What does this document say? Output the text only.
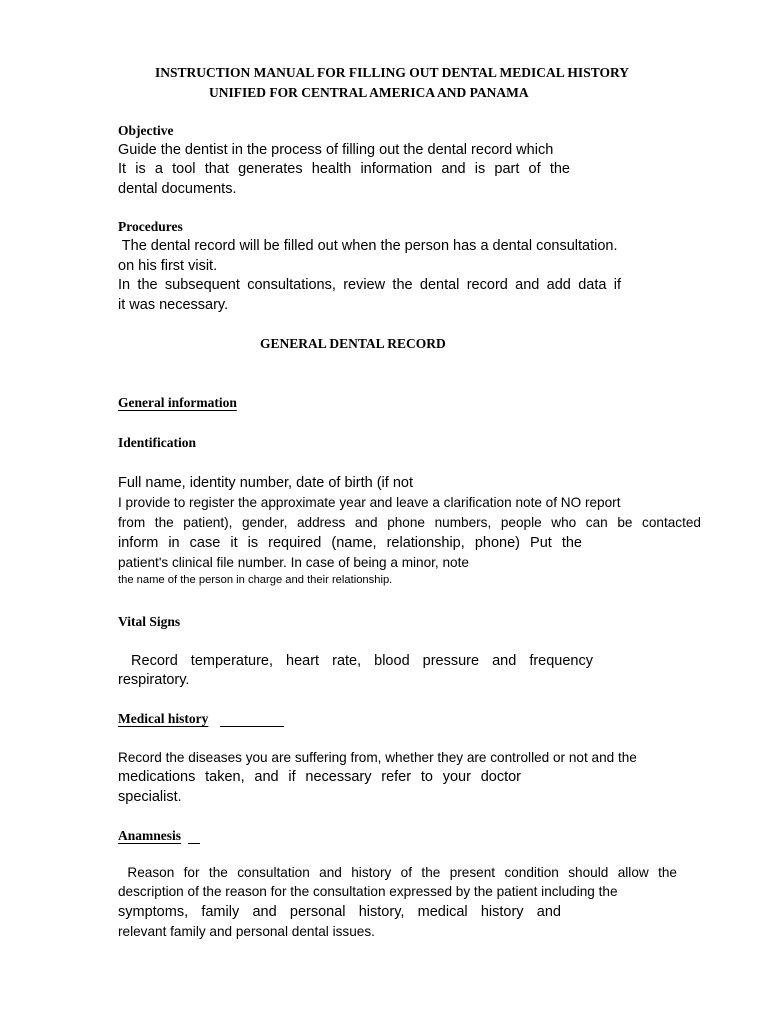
INSTRUCTION MANUAL FOR FILLING OUT DENTAL MEDICAL HISTORY
UNIFIED FOR CENTRAL AMERICA AND PANAMA
Objective
Guide the dentist in the process of filling out the dental record which
It is a tool that generates health information and is part of the
dental documents.
Procedures
The dental record will be filled out when the person has a dental consultation.
on his first visit.
In the subsequent consultations, review the dental record and add data if
it was necessary.
GENERAL DENTAL RECORD
General information
Identification
Full name, identity number, date of birth (if not
I provide to register the approximate year and leave a clarification note of NO report
from the patient), gender, address and phone numbers, people who can be contacted
inform in case it is required (name, relationship, phone) Put the
patient's clinical file number. In case of being a minor, note
the name of the person in charge and their relationship.
Vital Signs
Record temperature, heart rate, blood pressure and frequency
respiratory.
Medical history
Record the diseases you are suffering from, whether they are controlled or not and the
medications taken, and if necessary refer to your doctor
specialist.
Anamnesis
Reason for the consultation and history of the present condition should allow the
description of the reason for the consultation expressed by the patient including the
symptoms, family and personal history, medical history and
relevant family and personal dental issues.
